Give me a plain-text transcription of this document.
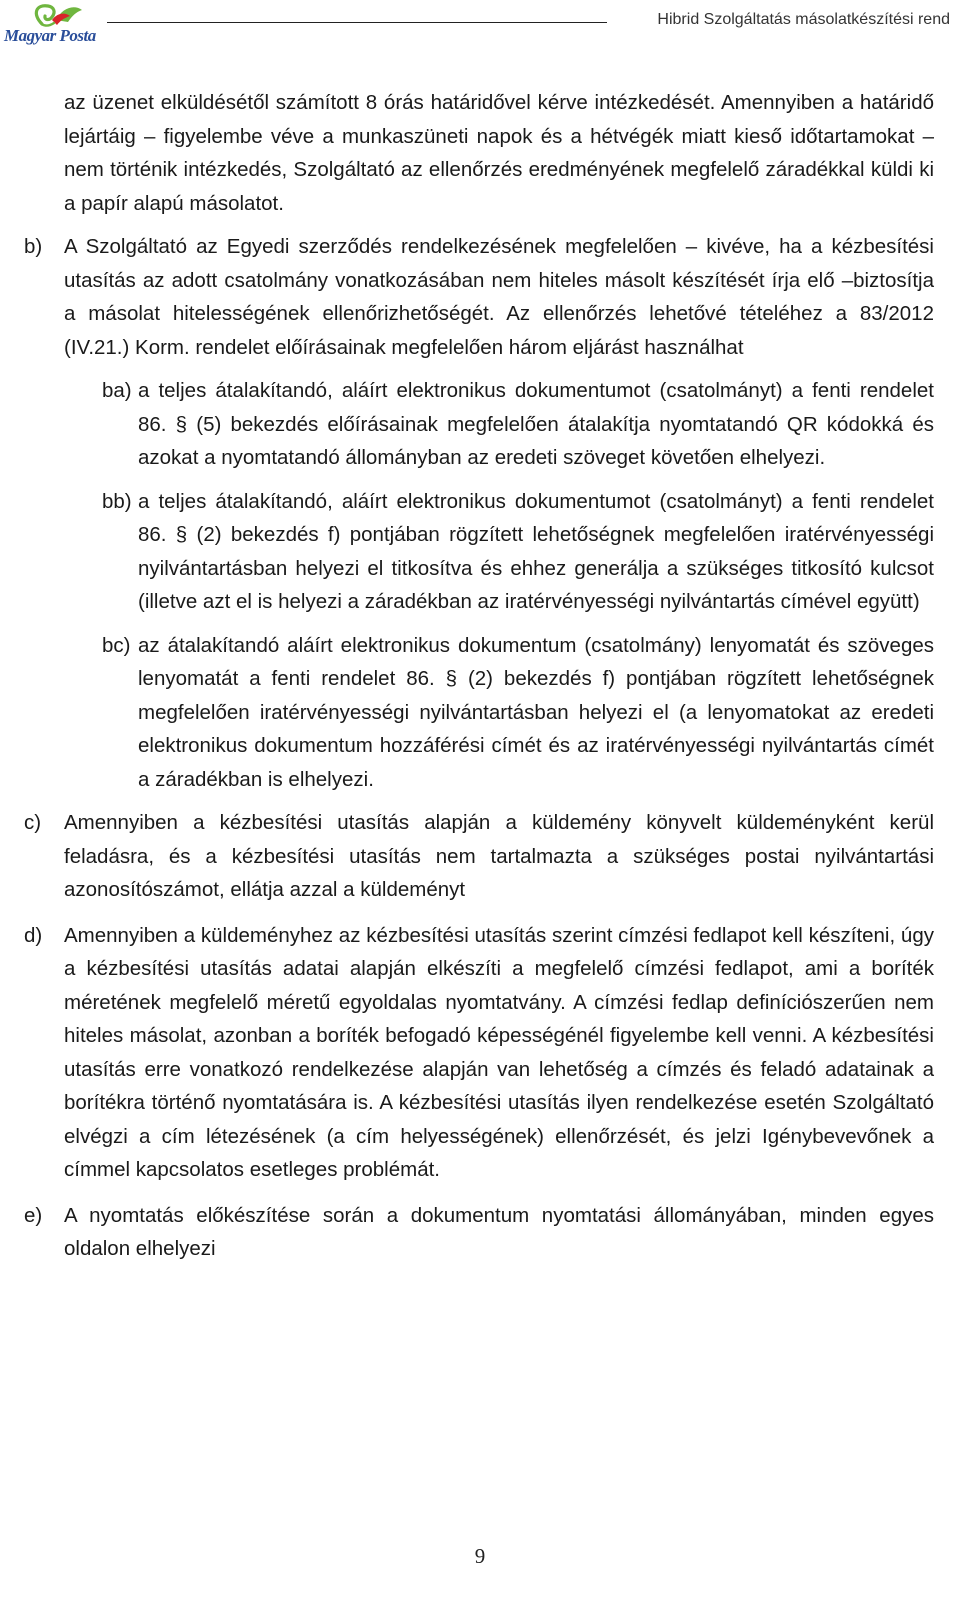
Magyar Posta
Hibrid Szolgáltatás másolatkészítési rend

az üzenet elküldésétől számított 8 órás határidővel kérve intézkedését. Amennyiben a határidő lejártáig – figyelembe véve a munkaszüneti napok és a hétvégék miatt kieső időtartamokat – nem történik intézkedés, Szolgáltató az ellenőrzés eredményének megfelelő záradékkal küldi ki a papír alapú másolatot.

b) A Szolgáltató az Egyedi szerződés rendelkezésének megfelelően – kivéve, ha a kézbesítési utasítás az adott csatolmány vonatkozásában nem hiteles másolt készítését írja elő –biztosítja a másolat hitelességének ellenőrizhetőségét. Az ellenőrzés lehetővé tételéhez a 83/2012 (IV.21.) Korm. rendelet előírásainak megfelelően három eljárást használhat

ba) a teljes átalakítandó, aláírt elektronikus dokumentumot (csatolmányt) a fenti rendelet 86. § (5) bekezdés előírásainak megfelelően átalakítja nyomtatandó QR kódokká és azokat a nyomtatandó állományban az eredeti szöveget követően elhelyezi.

bb) a teljes átalakítandó, aláírt elektronikus dokumentumot (csatolmányt) a fenti rendelet 86. § (2) bekezdés f) pontjában rögzített lehetőségnek megfelelően iratérvényességi nyilvántartásban helyezi el titkosítva és ehhez generálja a szükséges titkosító kulcsot (illetve azt el is helyezi a záradékban az iratérvényességi nyilvántartás címével együtt)

bc) az átalakítandó aláírt elektronikus dokumentum (csatolmány) lenyomatát és szöveges lenyomatát a fenti rendelet 86. § (2) bekezdés f) pontjában rögzített lehetőségnek megfelelően iratérvényességi nyilvántartásban helyezi el (a lenyomatokat az eredeti elektronikus dokumentum hozzáférési címét és az iratérvényességi nyilvántartás címét a záradékban is elhelyezi.

c) Amennyiben a kézbesítési utasítás alapján a küldemény könyvelt küldeményként kerül feladásra, és a kézbesítési utasítás nem tartalmazta a szükséges postai nyilvántartási azonosítószámot, ellátja azzal a küldeményt

d) Amennyiben a küldeményhez az kézbesítési utasítás szerint címzési fedlapot kell készíteni, úgy a kézbesítési utasítás adatai alapján elkészíti a megfelelő címzési fedlapot, ami a boríték méretének megfelelő méretű egyoldalas nyomtatvány. A címzési fedlap definíciószerűen nem hiteles másolat, azonban a boríték befogadó képességénél figyelembe kell venni. A kézbesítési utasítás erre vonatkozó rendelkezése alapján van lehetőség a címzés és feladó adatainak a borítékra történő nyomtatására is. A kézbesítési utasítás ilyen rendelkezése esetén Szolgáltató elvégzi a cím létezésének (a cím helyességének) ellenőrzését, és jelzi Igénybevevőnek a címmel kapcsolatos esetleges problémát.

e) A nyomtatás előkészítése során a dokumentum nyomtatási állományában, minden egyes oldalon elhelyezi

9
